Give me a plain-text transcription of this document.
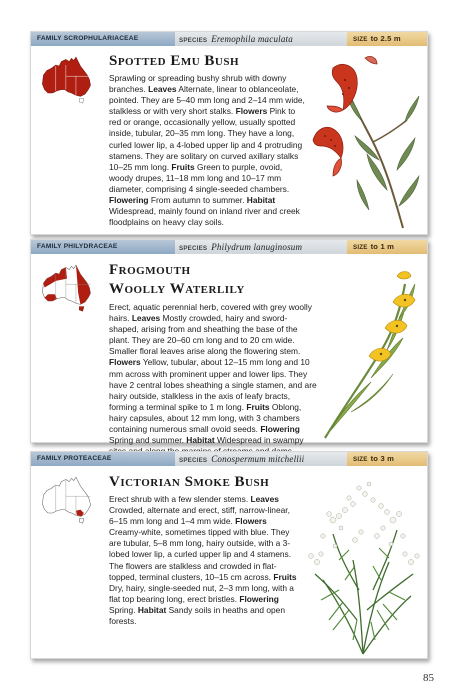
FAMILY SCROPHULARIACEAE	SPECIES Eremophila maculata	SIZE to 2.5 m
Spotted Emu Bush

Sprawling or spreading bushy shrub with downy branches. Leaves Alternate, linear to oblanceolate, pointed. They are 5–40 mm long and 2–14 mm wide, stalkless or with very short stalks. Flowers Pink to red or orange, occasionally yellow, usually spotted inside, tubular, 20–35 mm long. They have a long, curled lower lip, a 4-lobed upper lip and 4 protruding stamens. They are solitary on curved axillary stalks 10–25 mm long. Fruits Green to purple, ovoid, woody drupes, 11–18 mm long and 10–17 mm diameter, comprising 4 single-seeded chambers. Flowering From autumn to summer. Habitat Widespread, mainly found on inland river and creek floodplains on heavy clay soils.

FAMILY PHILYDRACEAE	SPECIES Philydrum lanuginosum	SIZE to 1 m
Frogmouth
Woolly Waterlily

Erect, aquatic perennial herb, covered with grey woolly hairs. Leaves Mostly crowded, hairy and sword-shaped, arising from and sheathing the base of the plant. They are 20–60 cm long and to 20 cm wide. Smaller floral leaves arise along the flowering stem. Flowers Yellow, tubular, about 12–15 mm long and 10 mm across with prominent upper and lower lips. They have 2 central lobes sheathing a single stamen, and are hairy outside, stalkless in the axis of leafy bracts, forming a terminal spike to 1 m long. Fruits Oblong, hairy capsules, about 12 mm long, with 3 chambers containing numerous small ovoid seeds. Flowering Spring and summer. Habitat Widespread in swampy

FAMILY PROTEACEAE	SPECIES Conospermum mitchellii	SIZE to 3 m
Victorian Smoke Bush

Erect shrub with a few slender stems. Leaves Crowded, alternate and erect, stiff, narrow-linear, 6–15 mm long and 1–4 mm wide. Flowers Creamy-white, sometimes tipped with blue. They are tubular, 5–8 mm long, hairy outside, with a 3-lobed lower lip, a curled upper lip and 4 stamens. The flowers are stalkless and crowded in flat-topped, terminal clusters, 10–15 cm across. Fruits Dry, hairy, single-seeded nut, 2–3 mm long, with a flat top bearing long, erect bristles. Flowering Spring. Habitat Sandy soils in heaths and open forests.

85
